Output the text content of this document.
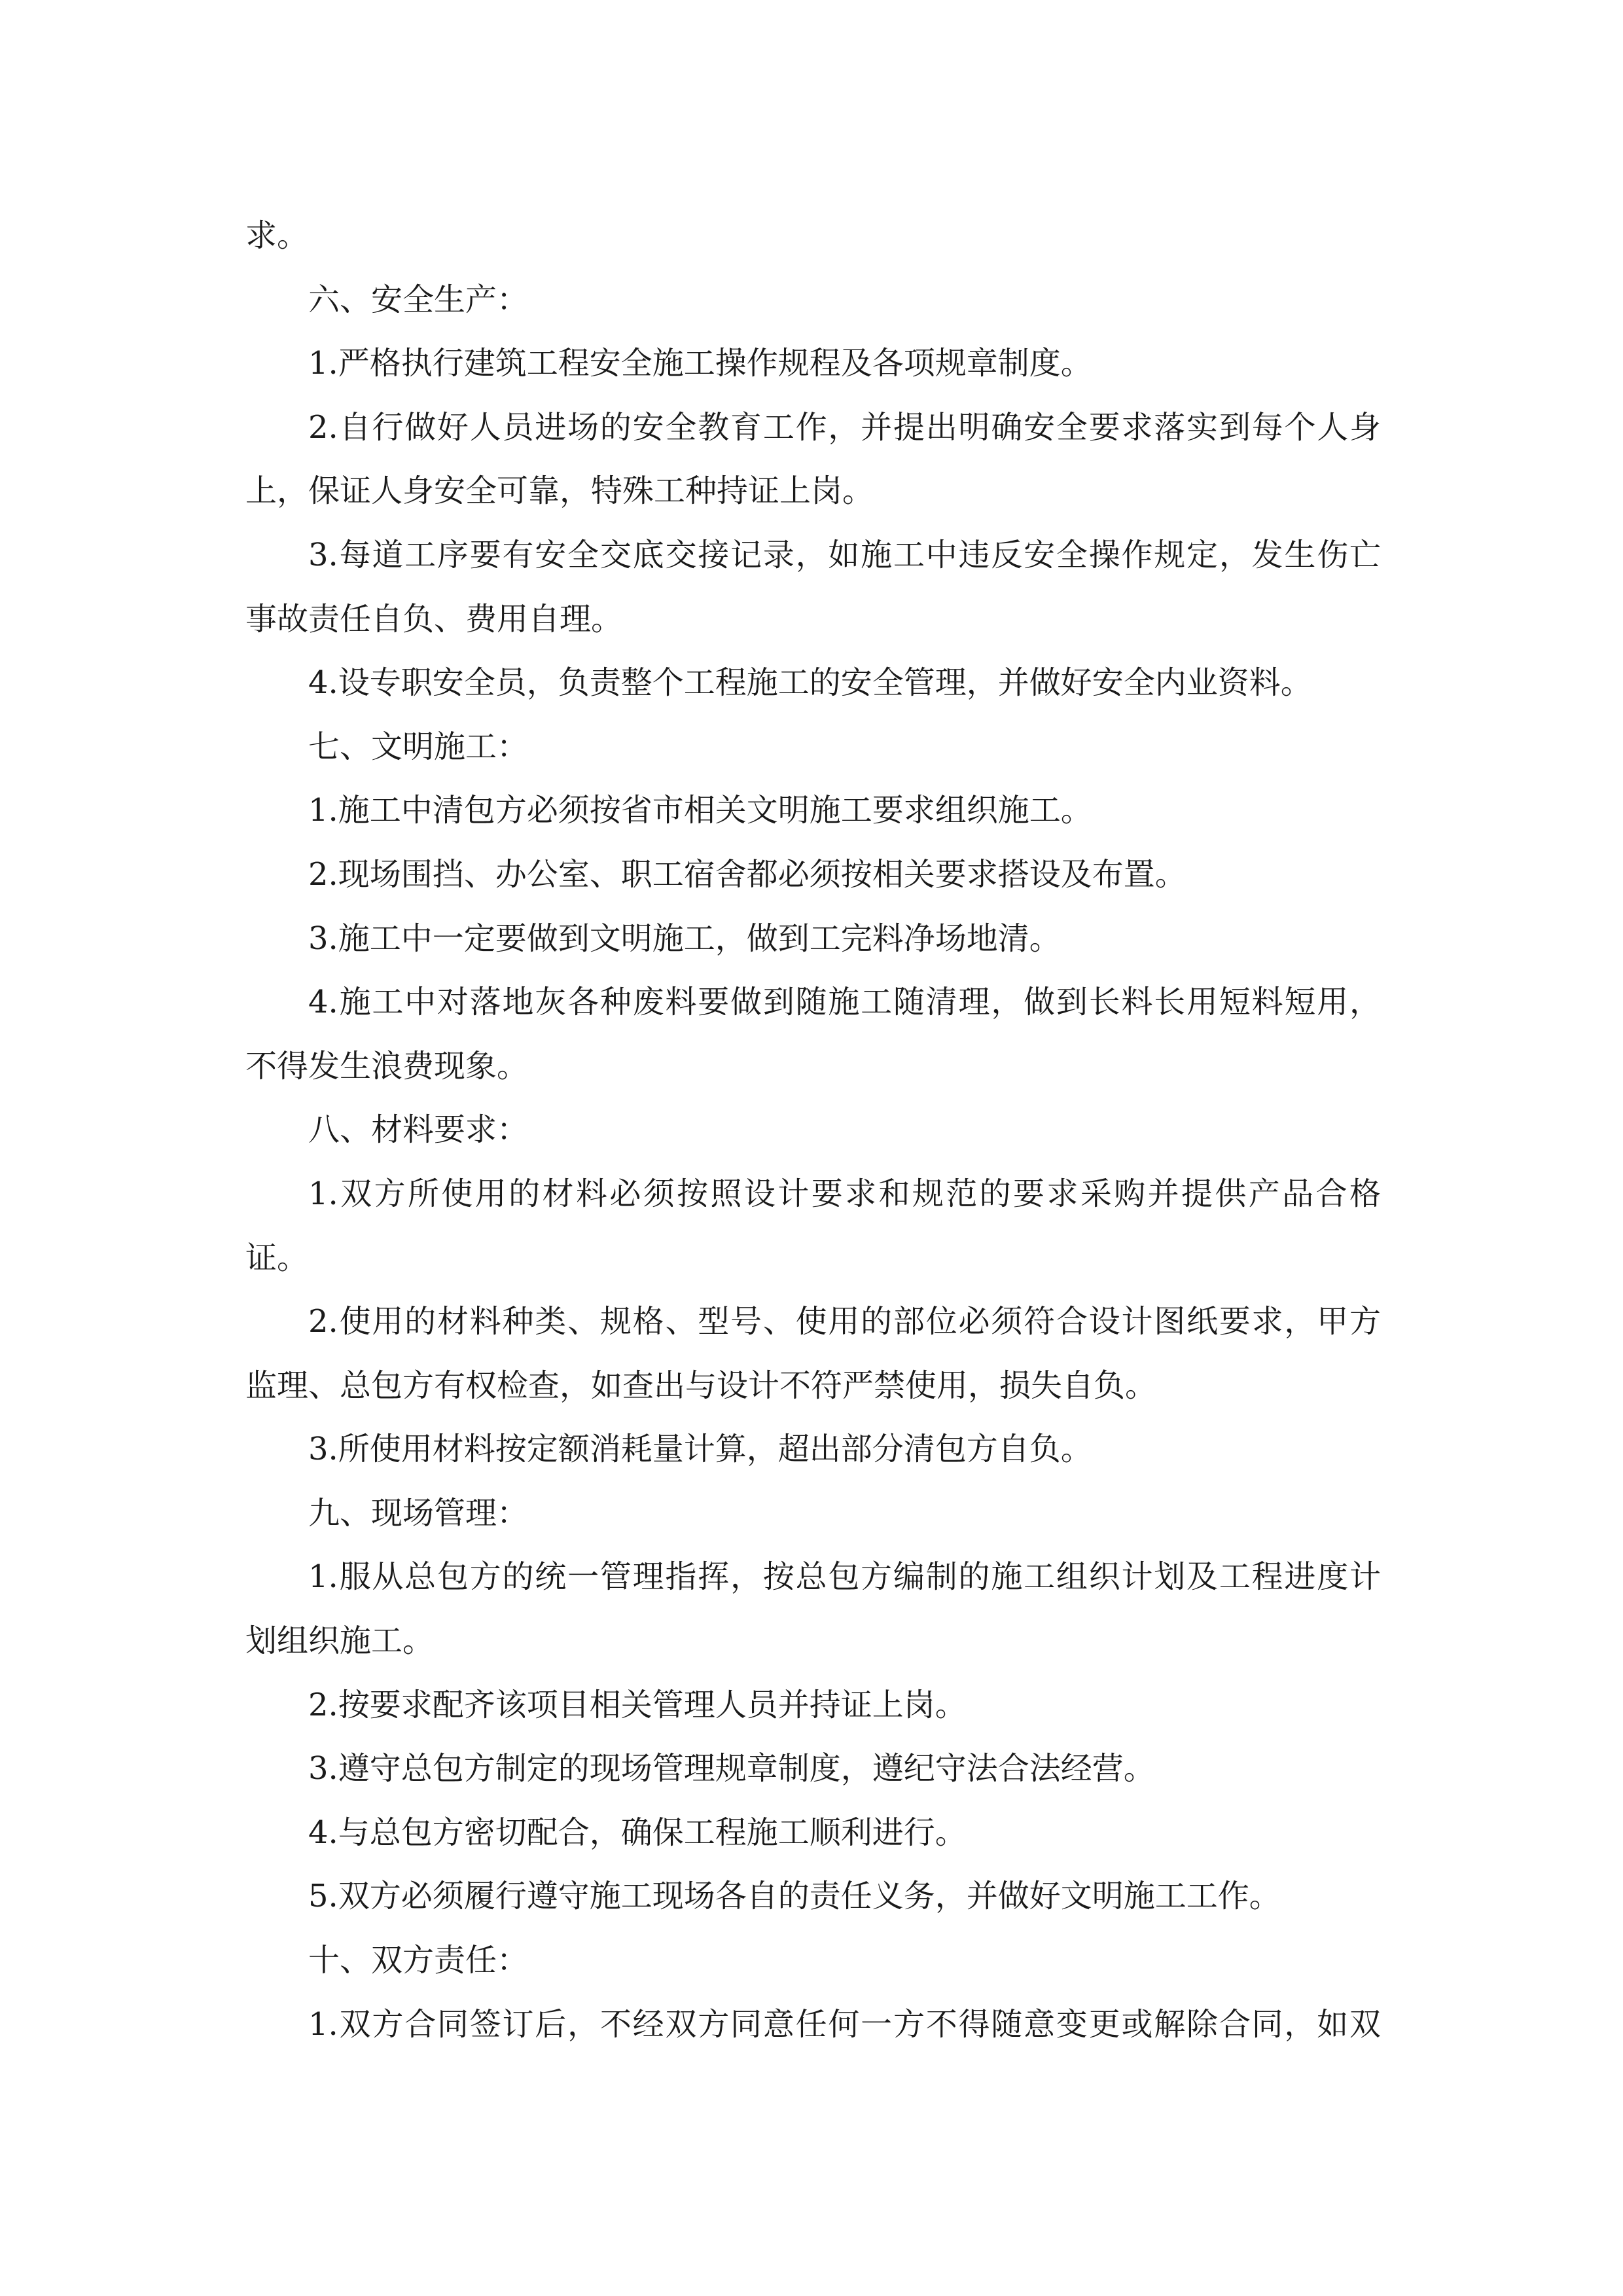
求。
六、安全生产：
1.严格执行建筑工程安全施工操作规程及各项规章制度。
2.自行做好人员进场的安全教育工作，并提出明确安全要求落实到每个人身
上，保证人身安全可靠，特殊工种持证上岗。
3.每道工序要有安全交底交接记录，如施工中违反安全操作规定，发生伤亡
事故责任自负、费用自理。
4.设专职安全员，负责整个工程施工的安全管理，并做好安全内业资料。
七、文明施工：
1.施工中清包方必须按省市相关文明施工要求组织施工。
2.现场围挡、办公室、职工宿舍都必须按相关要求搭设及布置。
3.施工中一定要做到文明施工，做到工完料净场地清。
4.施工中对落地灰各种废料要做到随施工随清理，做到长料长用短料短用，
不得发生浪费现象。
八、材料要求：
1.双方所使用的材料必须按照设计要求和规范的要求采购并提供产品合格
证。
2.使用的材料种类、规格、型号、使用的部位必须符合设计图纸要求，甲方
监理、总包方有权检查，如查出与设计不符严禁使用，损失自负。
3.所使用材料按定额消耗量计算，超出部分清包方自负。
九、现场管理：
1.服从总包方的统一管理指挥，按总包方编制的施工组织计划及工程进度计
划组织施工。
2.按要求配齐该项目相关管理人员并持证上岗。
3.遵守总包方制定的现场管理规章制度，遵纪守法合法经营。
4.与总包方密切配合，确保工程施工顺利进行。
5.双方必须履行遵守施工现场各自的责任义务，并做好文明施工工作。
十、双方责任：
1.双方合同签订后，不经双方同意任何一方不得随意变更或解除合同，如双
